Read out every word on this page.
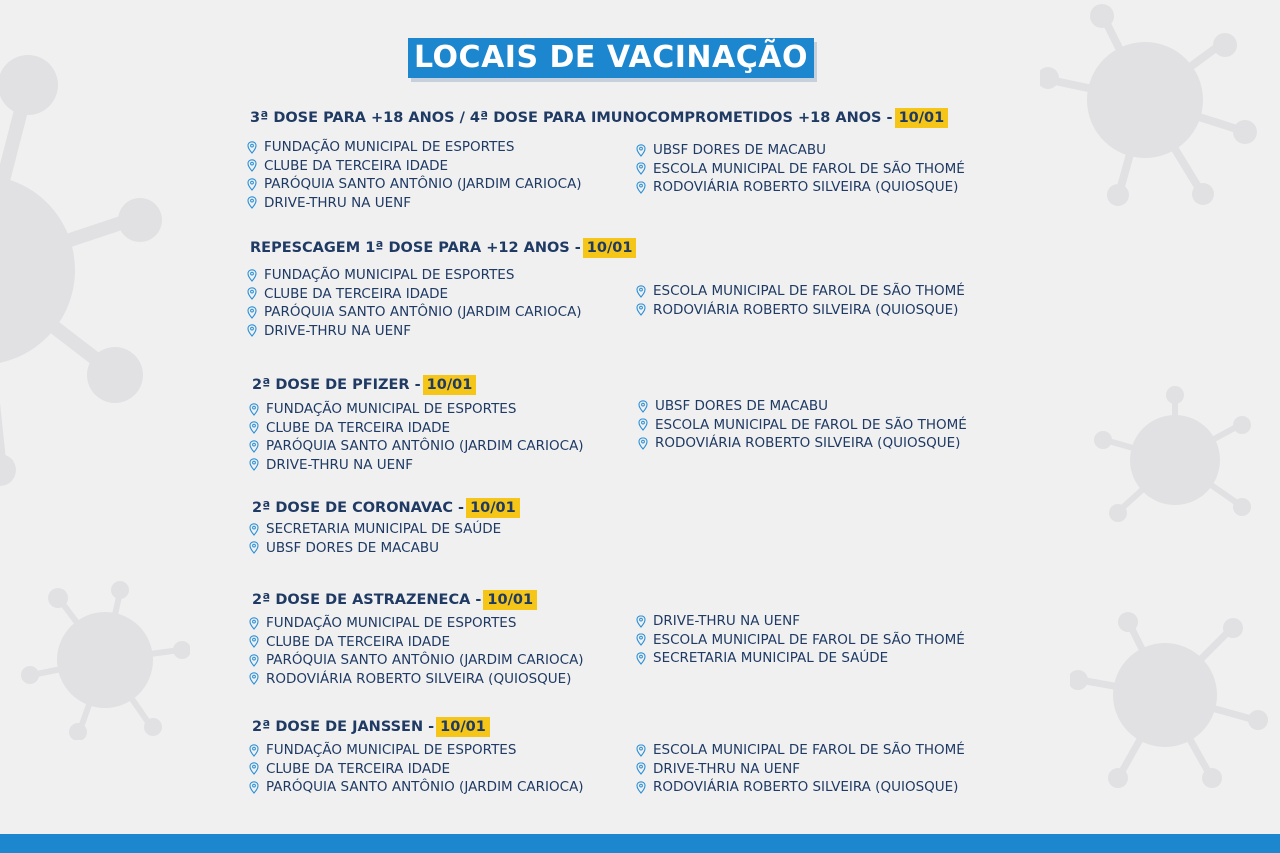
LOCAIS DE VACINAÇÃO
3ª DOSE PARA +18 ANOS / 4ª DOSE PARA IMUNOCOMPROMETIDOS +18 ANOS - 10/01
FUNDAÇÃO MUNICIPAL DE ESPORTES
CLUBE DA TERCEIRA IDADE
PARÓQUIA SANTO ANTÔNIO (JARDIM CARIOCA)
DRIVE-THRU NA UENF
UBSF DORES DE MACABU
ESCOLA MUNICIPAL DE FAROL DE SÃO THOMÉ
RODOVIÁRIA ROBERTO SILVEIRA (QUIOSQUE)
REPESCAGEM 1ª DOSE PARA +12 ANOS - 10/01
FUNDAÇÃO MUNICIPAL DE ESPORTES
CLUBE DA TERCEIRA IDADE
PARÓQUIA SANTO ANTÔNIO (JARDIM CARIOCA)
DRIVE-THRU NA UENF
ESCOLA MUNICIPAL DE FAROL DE SÃO THOMÉ
RODOVIÁRIA ROBERTO SILVEIRA (QUIOSQUE)
2ª DOSE DE PFIZER - 10/01
FUNDAÇÃO MUNICIPAL DE ESPORTES
CLUBE DA TERCEIRA IDADE
PARÓQUIA SANTO ANTÔNIO (JARDIM CARIOCA)
DRIVE-THRU NA UENF
UBSF DORES DE MACABU
ESCOLA MUNICIPAL DE FAROL DE SÃO THOMÉ
RODOVIÁRIA ROBERTO SILVEIRA (QUIOSQUE)
2ª DOSE DE CORONAVAC - 10/01
SECRETARIA MUNICIPAL DE SAÚDE
UBSF DORES DE MACABU
2ª DOSE DE ASTRAZENECA - 10/01
FUNDAÇÃO MUNICIPAL DE ESPORTES
CLUBE DA TERCEIRA IDADE
PARÓQUIA SANTO ANTÔNIO (JARDIM CARIOCA)
RODOVIÁRIA ROBERTO SILVEIRA (QUIOSQUE)
DRIVE-THRU NA UENF
ESCOLA MUNICIPAL DE FAROL DE SÃO THOMÉ
SECRETARIA MUNICIPAL DE SAÚDE
2ª DOSE DE JANSSEN - 10/01
FUNDAÇÃO MUNICIPAL DE ESPORTES
CLUBE DA TERCEIRA IDADE
PARÓQUIA SANTO ANTÔNIO (JARDIM CARIOCA)
ESCOLA MUNICIPAL DE FAROL DE SÃO THOMÉ
DRIVE-THRU NA UENF
RODOVIÁRIA ROBERTO SILVEIRA (QUIOSQUE)
